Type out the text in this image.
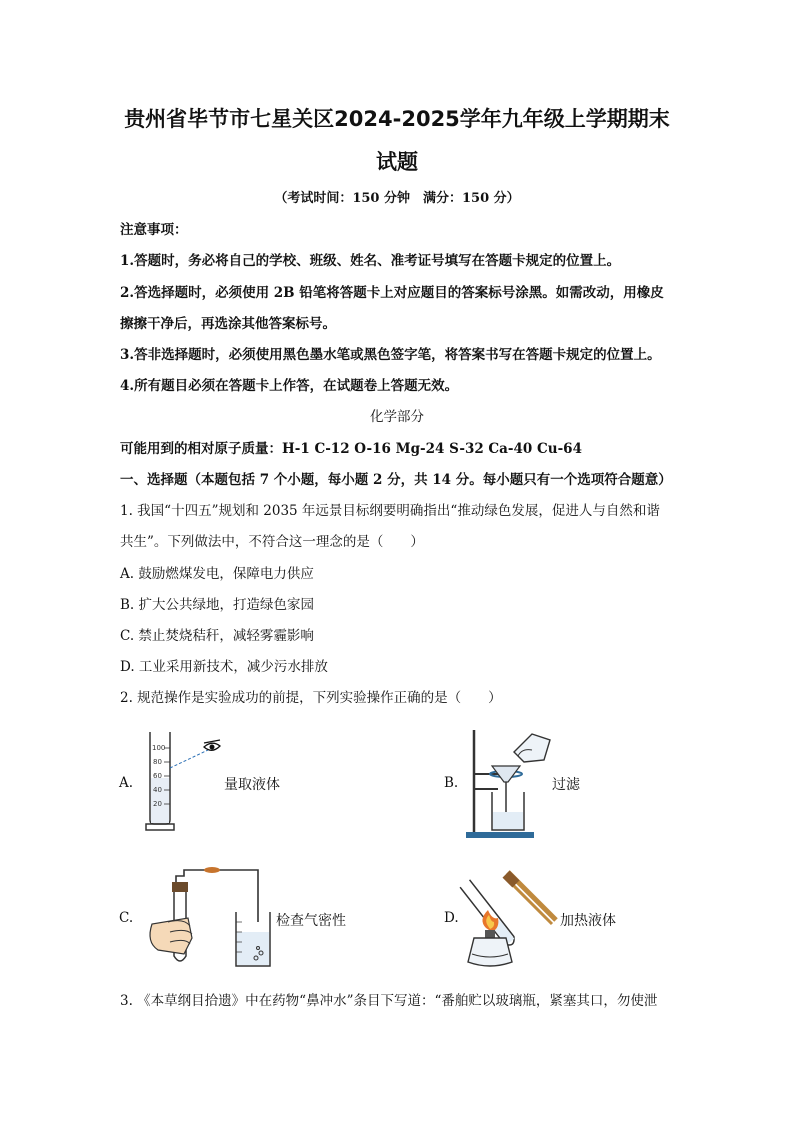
贵州省毕节市七星关区2024-2025学年九年级上学期期末
试题
（考试时间：150 分钟　满分：150 分）
注意事项：
1.答题时，务必将自己的学校、班级、姓名、准考证号填写在答题卡规定的位置上。
2.答选择题时，必须使用 2B 铅笔将答题卡上对应题目的答案标号涂黑。如需改动，用橡皮
擦擦干净后，再选涂其他答案标号。
3.答非选择题时，必须使用黑色墨水笔或黑色签字笔，将答案书写在答题卡规定的位置上。
4.所有题目必须在答题卡上作答，在试题卷上答题无效。
化学部分
可能用到的相对原子质量：H-1 C-12 O-16 Mg-24 S-32 Ca-40 Cu-64
一、选择题（本题包括 7 个小题，每小题 2 分，共 14 分。每小题只有一个选项符合题意）
1. 我国“十四五”规划和 2035 年远景目标纲要明确指出“推动绿色发展，促进人与自然和谐
共生”。下列做法中，不符合这一理念的是（　　）
A. 鼓励燃煤发电，保障电力供应
B. 扩大公共绿地，打造绿色家园
C. 禁止焚烧秸秆，减轻雾霾影响
D. 工业采用新技术，减少污水排放
2. 规范操作是实验成功的前提，下列实验操作正确的是（　　）
A.
100
80
60
40
20
量取液体	B.	过滤
C.	检查气密性	D.	加热液体
3. 《本草纲目拾遗》中在药物“鼻冲水”条目下写道：“番舶贮以玻璃瓶，紧塞其口，勿使泄
